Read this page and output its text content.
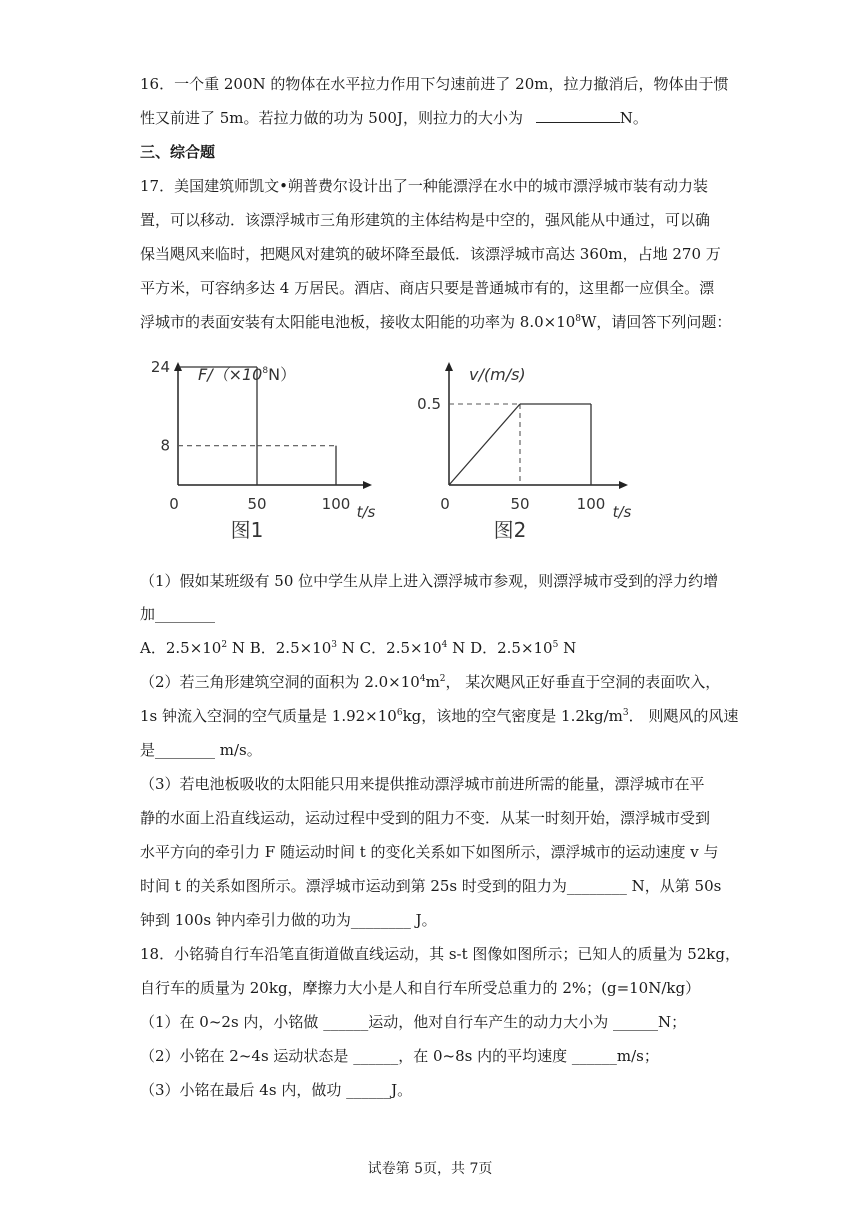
16．一个重 200N 的物体在水平拉力作用下匀速前进了 20m，拉力撤消后，物体由于惯
性又前进了 5m。若拉力做的功为 500J，则拉力的大小为	N。
三、综合题
17．美国建筑师凯文•朔普费尔设计出了一种能漂浮在水中的城市漂浮城市装有动力装
置，可以移动．该漂浮城市三角形建筑的主体结构是中空的，强风能从中通过，可以确
保当飓风来临时，把飓风对建筑的破坏降至最低．该漂浮城市高达 360m，占地 270 万
平方米，可容纳多达 4 万居民。酒店、商店只要是普通城市有的，这里都一应俱全。漂
浮城市的表面安装有太阳能电池板，接收太阳能的功率为 $8.0\times 10^8W$，请回答下列问题：
0	50	100 t/s
图1
24
8
$F/(\times 10^8N)$
0	50	100 t/s
图2
0.5
v/(m/s)
（1）假如某班级有 50 位中学生从岸上进入漂浮城市参观，则漂浮城市受到的浮力约增
加________
A．$2.5\times 10^2$ N B．$2.5\times 10^3$ N C．$2.5\times 10^4$ N D．$2.5\times 10^5$ N
（2）若三角形建筑空洞的面积为 $2.0\times 10^4m^2$， 某次飓风正好垂直于空洞的表面吹入，
1s 钟流入空洞的空气质量是 $1.92\times 10^6kg$，该地的空气密度是 $1.2kg/m^3$． 则飓风的风速
是________ m/s。
（3）若电池板吸收的太阳能只用来提供推动漂浮城市前进所需的能量，漂浮城市在平
静的水面上沿直线运动，运动过程中受到的阻力不变．从某一时刻开始，漂浮城市受到
水平方向的牵引力 F 随运动时间 t 的变化关系如下如图所示，漂浮城市的运动速度 v 与
时间 t 的关系如图所示。漂浮城市运动到第 25s 时受到的阻力为________ N，从第 50s
钟到 100s 钟内牵引力做的功为________ J。
18．小铭骑自行车沿笔直街道做直线运动，其 s-t 图像如图所示；已知人的质量为 52kg，
自行车的质量为 20kg，摩擦力大小是人和自行车所受总重力的 2%；(g=10N/kg）
（1）在 0~2s 内，小铭做 ______运动，他对自行车产生的动力大小为 ______N；
（2）小铭在 2~4s 运动状态是 ______，在 0~8s 内的平均速度 ______m/s；
（3）小铭在最后 4s 内，做功 ______J。
试卷第 5页，共 7页
